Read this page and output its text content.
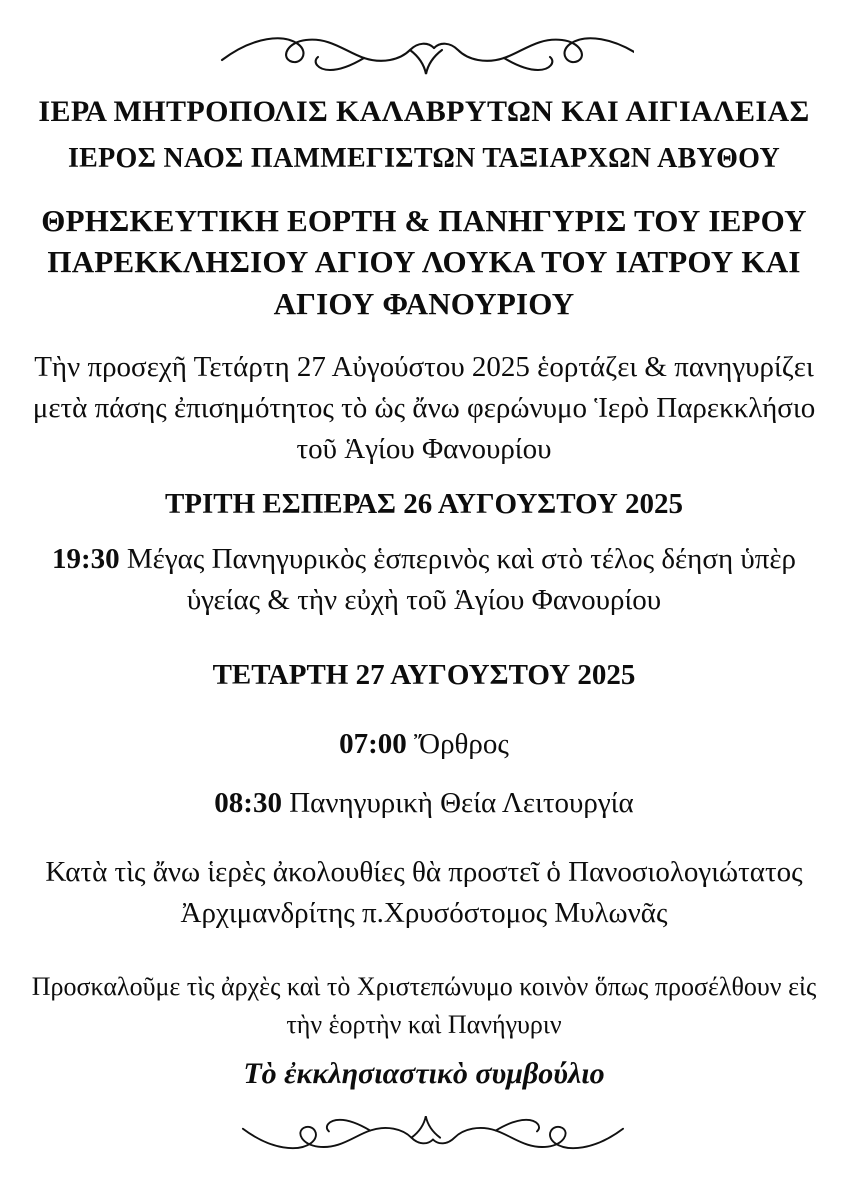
ΙΕΡΑ ΜΗΤΡΟΠΟΛΙΣ ΚΑΛΑΒΡΥΤΩΝ ΚΑΙ ΑΙΓΙΑΛΕΙΑΣ
ΙΕΡΟΣ ΝΑΟΣ ΠΑΜΜΕΓΙΣΤΩΝ ΤΑΞΙΑΡΧΩΝ ΑΒΥΘΟΥ
ΘΡΗΣΚΕΥΤΙΚΗ ΕΟΡΤΗ & ΠΑΝΗΓΥΡΙΣ ΤΟΥ ΙΕΡΟΥ ΠΑΡΕΚΚΛΗΣΙΟΥ ΑΓΙΟΥ ΛΟΥΚΑ ΤΟΥ ΙΑΤΡΟΥ ΚΑΙ ΑΓΙΟΥ ΦΑΝΟΥΡΙΟΥ
Τὴν προσεχῆ Τετάρτη 27 Αὐγούστου 2025 ἑορτάζει & πανηγυρίζει μετὰ πάσης ἐπισημότητος τὸ ὡς ἄνω φερώνυμο Ἱερὸ Παρεκκλήσιο τοῦ Ἁγίου Φανουρίου
ΤΡΙΤΗ ΕΣΠΕΡΑΣ 26 ΑΥΓΟΥΣΤΟΥ 2025
19:30 Μέγας Πανηγυρικὸς ἑσπερινὸς καὶ στὸ τέλος δέηση ὑπὲρ ὑγείας & τὴν εὐχὴ τοῦ Ἁγίου Φανουρίου
ΤΕΤΑΡΤΗ 27 ΑΥΓΟΥΣΤΟΥ 2025
07:00 Ὄρθρος
08:30 Πανηγυρικὴ Θεία Λειτουργία
Κατὰ τὶς ἄνω ἱερὲς ἀκολουθίες θὰ προστεῖ ὁ Πανοσιολογιώτατος Ἀρχιμανδρίτης π.Χρυσόστομος Μυλωνᾶς
Προσκαλοῦμε τὶς ἀρχὲς καὶ τὸ Χριστεπώνυμο κοινὸν ὅπως προσέλθουν εἰς τὴν ἑορτὴν καὶ Πανήγυριν
Τὸ ἐκκλησιαστικὸ συμβούλιο
